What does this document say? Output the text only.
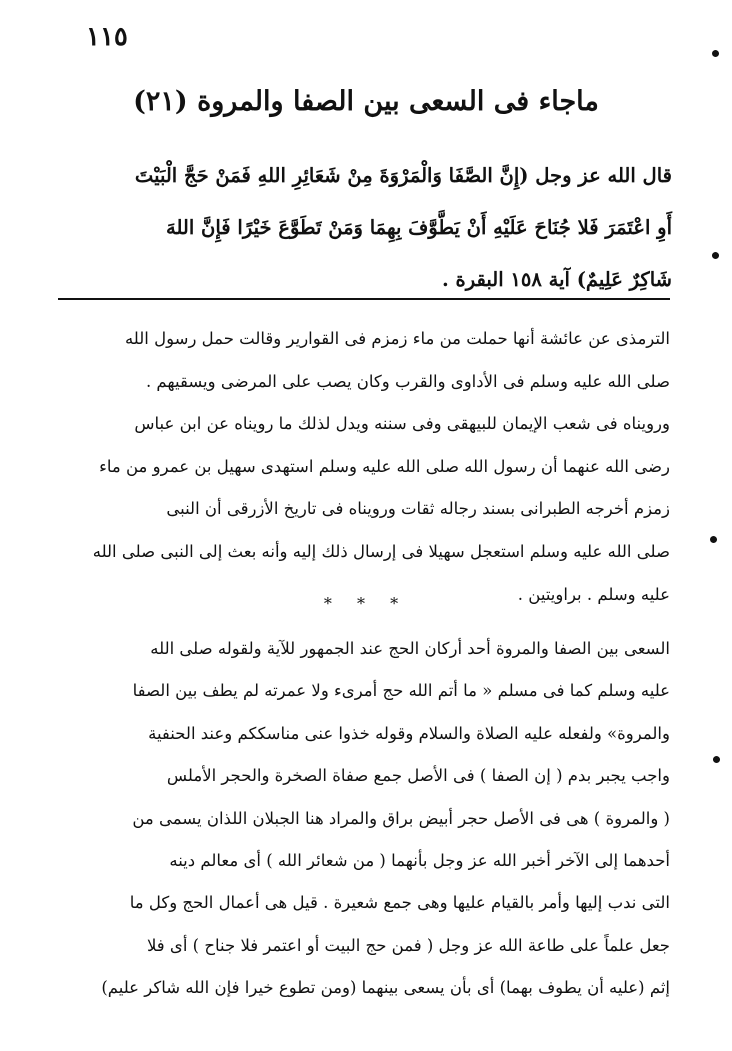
١١٥
(٢١) ماجاء فى السعى بين الصفا والمروة

قال الله عز وجل (إِنَّ الصَّفَا وَالْمَرْوَةَ مِنْ شَعَائِرِ اللهِ فَمَنْ حَجَّ الْبَيْتَ

أَوِ اعْتَمَرَ فَلا جُنَاحَ عَلَيْهِ أَنْ يَطَّوَّفَ بِهِمَا وَمَنْ تَطَوَّعَ خَيْرًا فَإِنَّ اللهَ

شَاكِرٌ عَلِيمٌ) آية ١٥٨ البقرة .

الترمذى عن عائشة أنها حملت من ماء زمزم فى القوارير وقالت حمل رسول الله

صلى الله عليه وسلم فى الأداوى والقرب وكان يصب على المرضى ويسقيهم .

ورويناه فى شعب الإيمان للبيهقى وفى سننه ويدل لذلك ما رويناه عن ابن عباس

رضى الله عنهما أن رسول الله صلى الله عليه وسلم استهدى سهيل بن عمرو من ماء

زمزم أخرجه الطبرانى بسند رجاله ثقات ورويناه فى تاريخ الأزرقى أن النبى

صلى الله عليه وسلم استعجل سهيلا فى إرسال ذلك إليه وأنه بعث إلى النبى صلى الله

عليه وسلم . براويتين .

* * *

السعى بين الصفا والمروة أحد أركان الحج عند الجمهور للآية ولقوله صلى الله

عليه وسلم كما فى مسلم « ما أتم الله حج أمرىء ولا عمرته لم يطف بين الصفا

والمروة» ولفعله عليه الصلاة والسلام وقوله خذوا عنى مناسككم وعند الحنفية

واجب يجبر بدم ( إن الصفا ) فى الأصل جمع صفاة الصخرة والحجر الأملس

( والمروة ) هى فى الأصل حجر أبيض براق والمراد هنا الجبلان اللذان يسمى من

أحدهما إلى الآخر أخبر الله عز وجل بأنهما ( من شعائر الله ) أى معالم دينه

التى ندب إليها وأمر بالقيام عليها وهى جمع شعيرة . قيل هى أعمال الحج وكل ما

جعل علماً على طاعة الله عز وجل ( فمن حج البيت أو اعتمر فلا جناح ) أى فلا

إثم (عليه أن يطوف بهما) أى بأن يسعى بينهما (ومن تطوع خيرا فإن الله شاكر عليم)
